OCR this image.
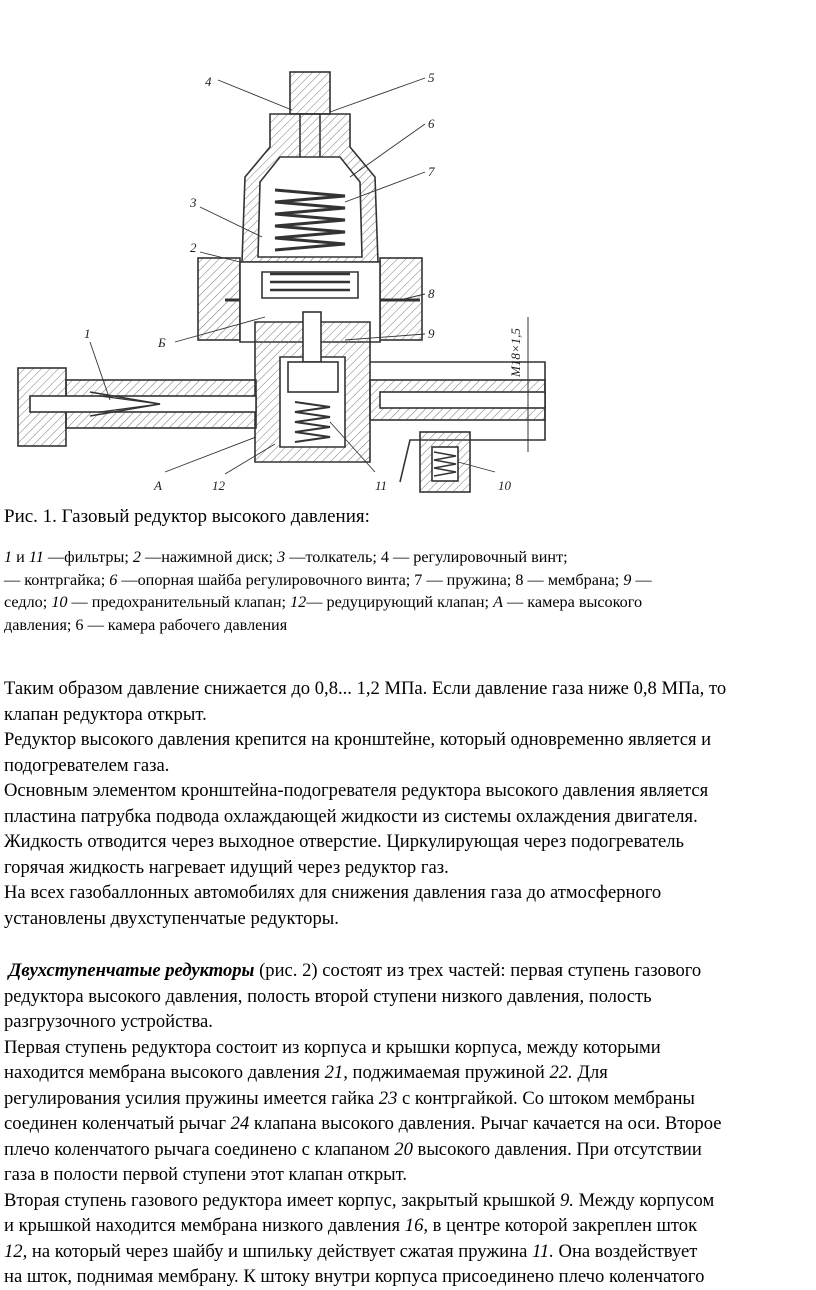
4	5
6
7
3
2
8
Б
9
1
А	12	11	10
M18×1,5
Рис. 1. Газовый редуктор высокого давления:
1 и 11 —фильтры; 2 —нажимной диск; 3 —толкатель; 4 — регулировочный винт;
— контргайка; 6 —опорная шайба регулировочного винта; 7 — пружина; 8 — мембрана; 9 —
седло; 10 — предохранительный клапан; 12— редуцирующий клапан; А — камера высокого
давления; 6 — камера рабочего давления

Таким образом давление снижается до 0,8... 1,2 МПа. Если давление газа ниже 0,8 МПа, то

клапан редуктора открыт.

Редуктор высокого давления крепится на кронштейне, который одновременно является и

подогревателем газа.

Основным элементом кронштейна-подогревателя редуктора высокого давления является

пластина патрубка подвода охлаждающей жидкости из системы охлаждения двигателя.

Жидкость отводится через выходное отверстие. Циркулирующая через подогреватель

горячая жидкость нагревает идущий через редуктор газ.

На всех газобаллонных автомобилях для снижения давления газа до атмосферного

установлены двухступенчатые редукторы.

Двухступенчатые редукторы (рис. 2) состоят из трех частей: первая ступень газового

редуктора высокого давления, полость второй ступени низкого давления, полость

разгрузочного устройства.

Первая ступень редуктора состоит из корпуса и крышки корпуса, между которыми

находится мембрана высокого давления 21, поджимаемая пружиной 22. Для

регулирования усилия пружины имеется гайка 23 с контргайкой. Со штоком мембраны

соединен коленчатый рычаг 24 клапана высокого давления. Рычаг качается на оси. Второе

плечо коленчатого рычага соединено с клапаном 20 высокого давления. При отсутствии

газа в полости первой ступени этот клапан открыт.

Вторая ступень газового редуктора имеет корпус, закрытый крышкой 9. Между корпусом

и крышкой находится мембрана низкого давления 16, в центре которой закреплен шток

12, на который через шайбу и шпильку действует сжатая пружина 11. Она воздействует

на шток, поднимая мембрану. К штоку внутри корпуса присоединено плечо коленчатого
